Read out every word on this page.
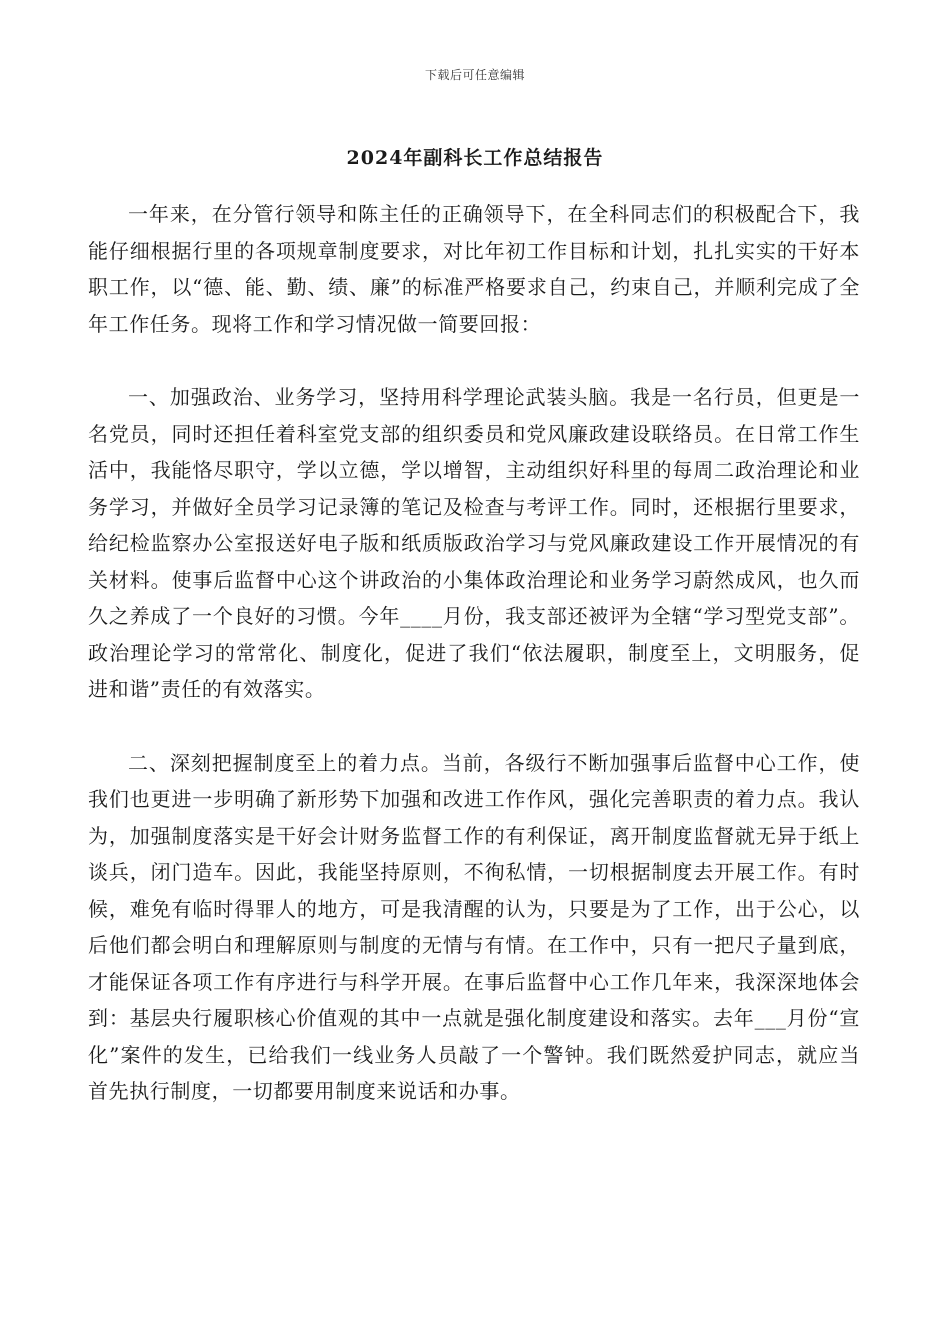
下载后可任意编辑
2024年副科长工作总结报告

一年来，在分管行领导和陈主任的正确领导下，在全科同志们的积极配合下，我能仔细根据行里的各项规章制度要求，对比年初工作目标和计划，扎扎实实的干好本职工作，以“德、能、勤、绩、廉”的标准严格要求自己，约束自己，并顺利完成了全年工作任务。现将工作和学习情况做一简要回报：

一、加强政治、业务学习，坚持用科学理论武装头脑。我是一名行员，但更是一名党员，同时还担任着科室党支部的组织委员和党风廉政建设联络员。在日常工作生活中，我能恪尽职守，学以立德，学以增智，主动组织好科里的每周二政治理论和业务学习，并做好全员学习记录簿的笔记及检查与考评工作。同时，还根据行里要求，给纪检监察办公室报送好电子版和纸质版政治学习与党风廉政建设工作开展情况的有关材料。使事后监督中心这个讲政治的小集体政治理论和业务学习蔚然成风，也久而久之养成了一个良好的习惯。今年____月份，我支部还被评为全辖“学习型党支部”。政治理论学习的常常化、制度化，促进了我们“依法履职，制度至上，文明服务，促进和谐”责任的有效落实。

二、深刻把握制度至上的着力点。当前，各级行不断加强事后监督中心工作，使我们也更进一步明确了新形势下加强和改进工作作风，强化完善职责的着力点。我认为，加强制度落实是干好会计财务监督工作的有利保证，离开制度监督就无异于纸上谈兵，闭门造车。因此，我能坚持原则，不徇私情，一切根据制度去开展工作。有时候，难免有临时得罪人的地方，可是我清醒的认为，只要是为了工作，出于公心，以后他们都会明白和理解原则与制度的无情与有情。在工作中，只有一把尺子量到底，才能保证各项工作有序进行与科学开展。在事后监督中心工作几年来，我深深地体会到：基层央行履职核心价值观的其中一点就是强化制度建设和落实。去年___月份“宣化”案件的发生，已给我们一线业务人员敲了一个警钟。我们既然爱护同志，就应当首先执行制度，一切都要用制度来说话和办事。
